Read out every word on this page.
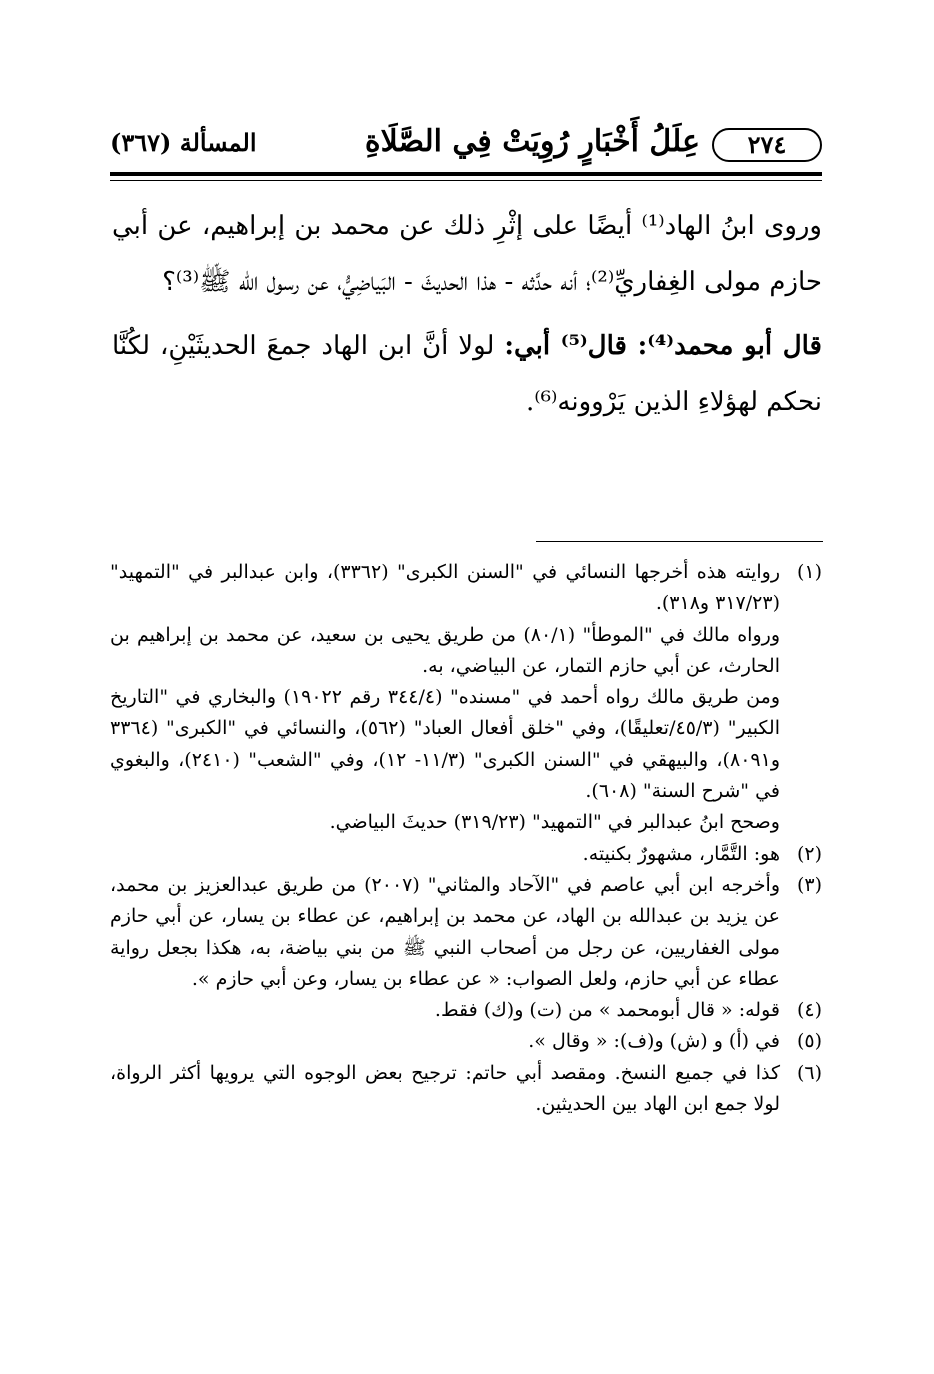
٢٧٤
عِلَلُ أَخْبَارٍ رُوِيَتْ فِي الصَّلَاةِ
المسألة (٣٦٧)

وروى ابنُ الهاد⁽¹⁾ أيضًا على إثْرِ ذلك عن محمد بن إبراهيم، عن أبي حازم مولى الغِفاريِّ⁽²⁾؛ أنه حدَّثه - هذا الحديثَ - البَياضِيُّ، عن رسول الله ﷺ⁽³⁾؟

قال أبو محمد⁽⁴⁾: قال⁽⁵⁾ أبي: لولا أنَّ ابن الهاد جمعَ الحديثَيْنِ، لكُنَّا نحكم لهؤلاءِ الذين يَرْوونه⁽⁶⁾.

(١)
روايته هذه أخرجها النسائي في "السنن الكبرى" (٣٣٦٢)، وابن عبدالبر في "التمهيد" (٣١٧/٢٣ و٣١٨).
ورواه مالك في "الموطأ" (٨٠/١) من طريق يحيى بن سعيد، عن محمد بن إبراهيم بن الحارث، عن أبي حازم التمار، عن البياضي، به.
ومن طريق مالك رواه أحمد في "مسنده" (٣٤٤/٤ رقم ١٩٠٢٢) والبخاري في "التاريخ الكبير" (٤٥/٣/تعليقًا)، وفي "خلق أفعال العباد" (٥٦٢)، والنسائي في "الكبرى" (٣٣٦٤ و٨٠٩١)، والبيهقي في "السنن الكبرى" (١١/٣- ١٢)، وفي "الشعب" (٢٤١٠)، والبغوي في "شرح السنة" (٦٠٨).
وصحح ابنُ عبدالبر في "التمهيد" (٣١٩/٢٣) حديثَ البياضي.
(٢)
هو: التَّمَّار، مشهورٌ بكنيته.
(٣)
وأخرجه ابن أبي عاصم في "الآحاد والمثاني" (٢٠٠٧) من طريق عبدالعزيز بن محمد، عن يزيد بن عبدالله بن الهاد، عن محمد بن إبراهيم، عن عطاء بن يسار، عن أبي حازم مولى الغفاريين، عن رجل من أصحاب النبي ﷺ من بني بياضة، به، هكذا بجعل رواية عطاء عن أبي حازم، ولعل الصواب: « عن عطاء بن يسار، وعن أبي حازم ».
(٤)
قوله: « قال أبومحمد » من (ت) و(ك) فقط.
(٥)
في (أ) و (ش) و(ف): « وقال ».
(٦)
كذا في جميع النسخ. ومقصد أبي حاتم: ترجيح بعض الوجوه التي يرويها أكثر الرواة، لولا جمع ابن الهاد بين الحديثين.
